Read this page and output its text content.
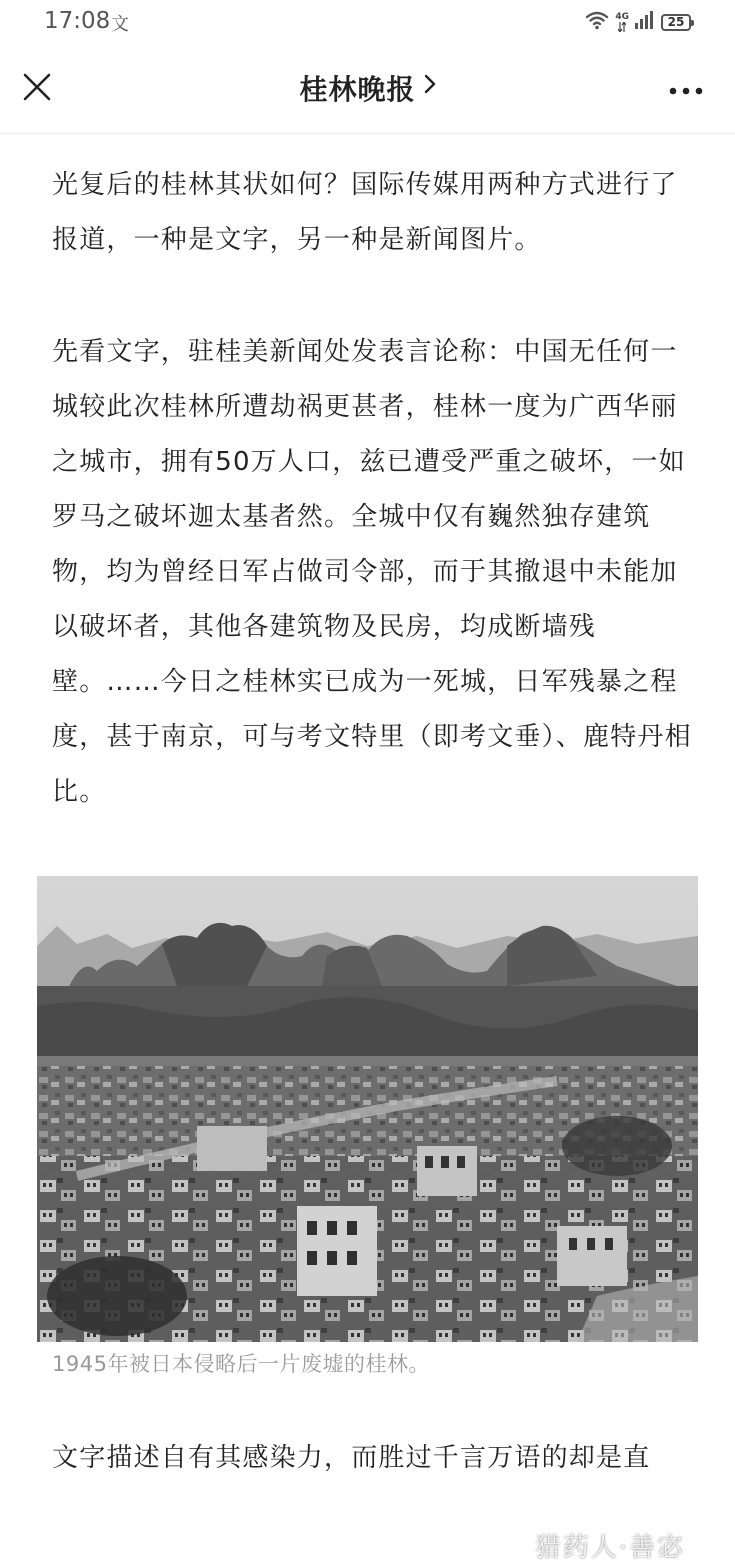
17:08 文	4G	25
桂林晚报

光复后的桂林其状如何？国际传媒用两种方式进行了报道，一种是文字，另一种是新闻图片。

先看文字，驻桂美新闻处发表言论称：中国无任何一城较此次桂林所遭劫祸更甚者，桂林一度为广西华丽之城市，拥有50万人口，兹已遭受严重之破坏，一如罗马之破坏迦太基者然。全城中仅有巍然独存建筑物，均为曾经日军占做司令部，而于其撤退中未能加以破坏者，其他各建筑物及民房，均成断墙残壁。……今日之桂林实已成为一死城，日军残暴之程度，甚于南京，可与考文特里（即考文垂）、鹿特丹相比。

1945年被日本侵略后一片废墟的桂林。

文字描述自有其感染力，而胜过千言万语的却是直

猎药人·善宓
